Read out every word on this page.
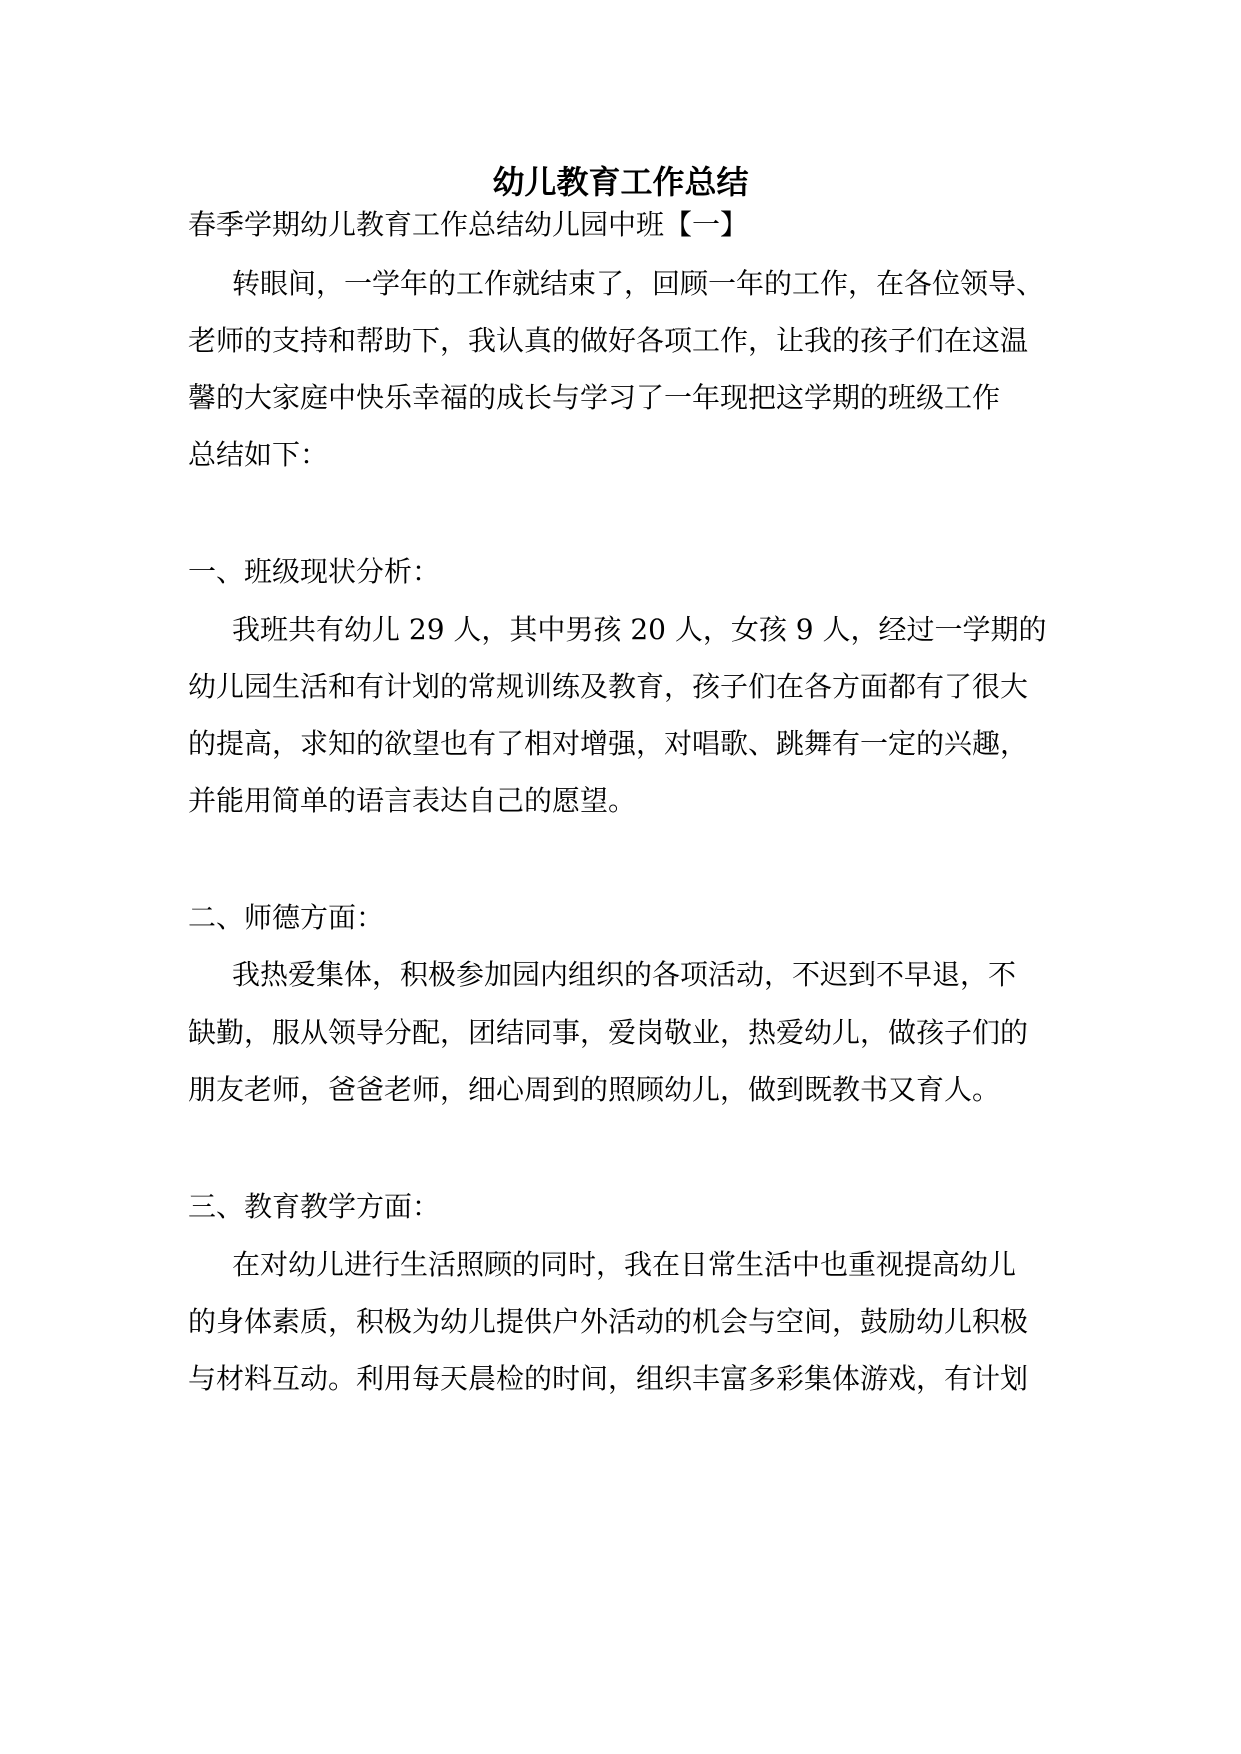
幼儿教育工作总结
春季学期幼儿教育工作总结幼儿园中班【一】
转眼间，一学年的工作就结束了，回顾一年的工作，在各位领导、
老师的支持和帮助下，我认真的做好各项工作，让我的孩子们在这温
馨的大家庭中快乐幸福的成长与学习了一年现把这学期的班级工作
总结如下：
一、班级现状分析：
我班共有幼儿 29 人，其中男孩 20 人，女孩 9 人，经过一学期的
幼儿园生活和有计划的常规训练及教育，孩子们在各方面都有了很大
的提高，求知的欲望也有了相对增强，对唱歌、跳舞有一定的兴趣，
并能用简单的语言表达自己的愿望。
二、师德方面：
我热爱集体，积极参加园内组织的各项活动，不迟到不早退，不
缺勤，服从领导分配，团结同事，爱岗敬业，热爱幼儿，做孩子们的
朋友老师，爸爸老师，细心周到的照顾幼儿，做到既教书又育人。
三、教育教学方面：
在对幼儿进行生活照顾的同时，我在日常生活中也重视提高幼儿
的身体素质，积极为幼儿提供户外活动的机会与空间，鼓励幼儿积极
与材料互动。利用每天晨检的时间，组织丰富多彩集体游戏，有计划
